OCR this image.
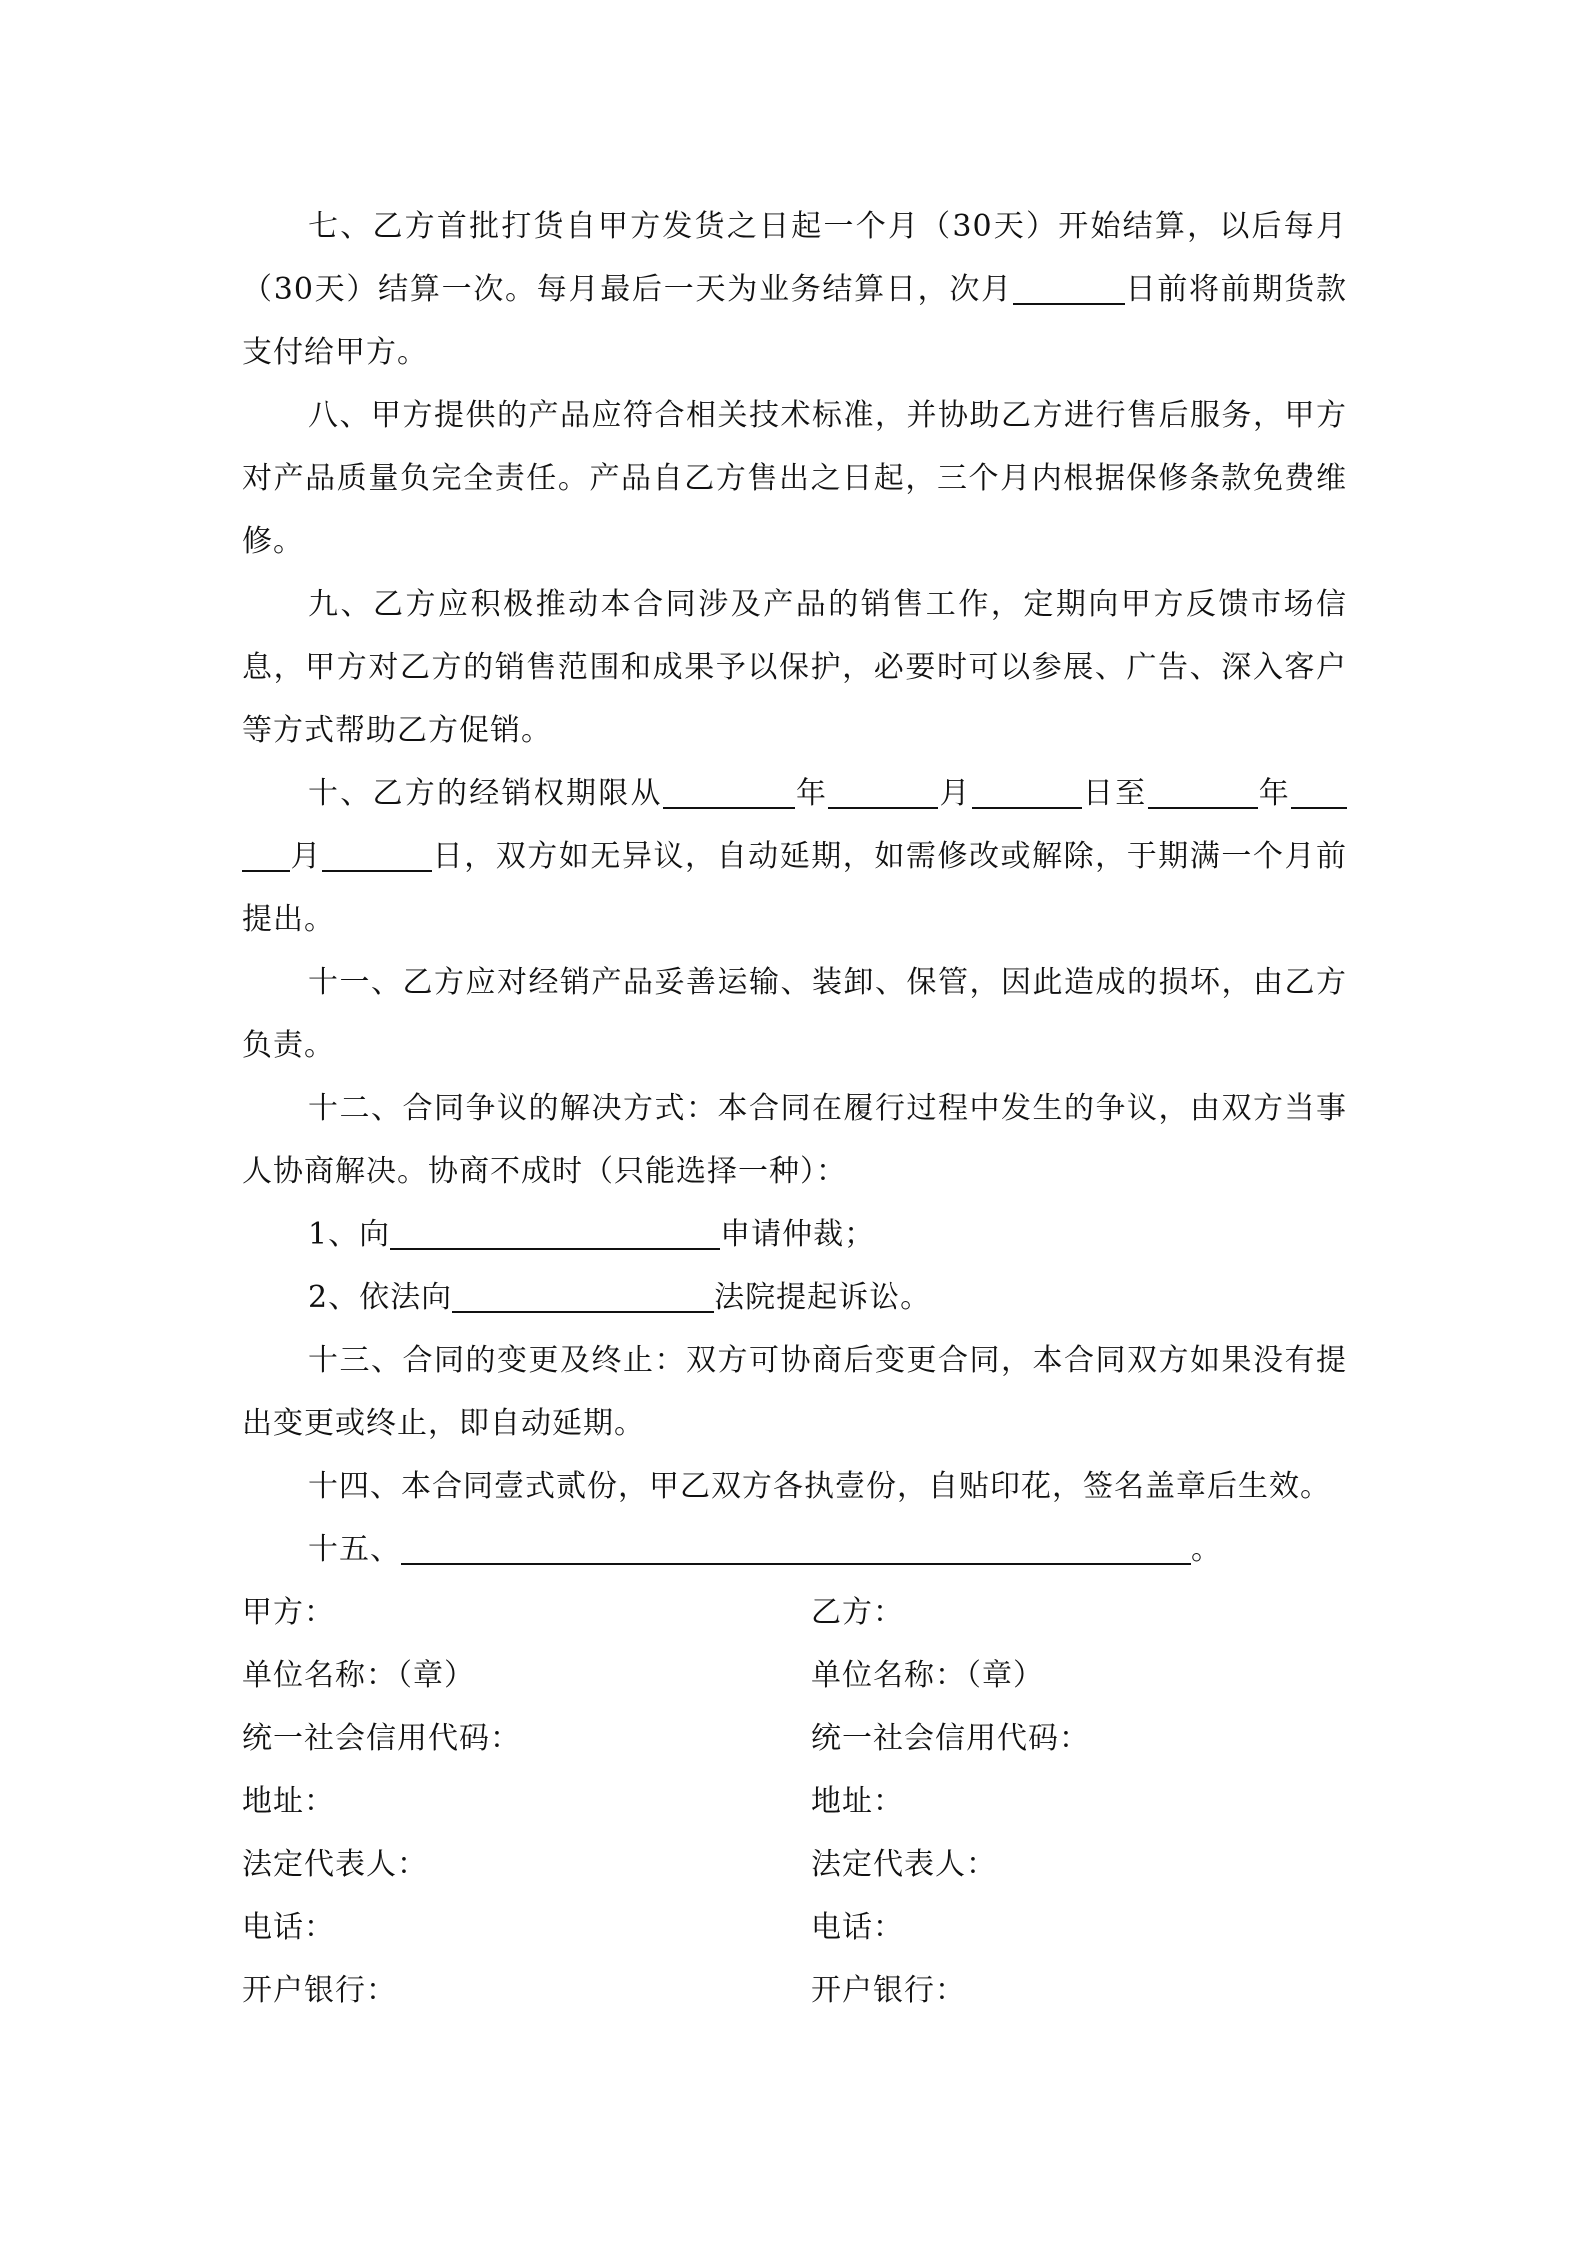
七、乙方首批打货自甲方发货之日起一个月（30天）开始结算，以后每月（30天）结算一次。每月最后一天为业务结算日，次月	日前将前期货款支付给甲方。

八、甲方提供的产品应符合相关技术标准，并协助乙方进行售后服务，甲方对产品质量负完全责任。产品自乙方售出之日起，三个月内根据保修条款免费维修。

九、乙方应积极推动本合同涉及产品的销售工作，定期向甲方反馈市场信息，甲方对乙方的销售范围和成果予以保护，必要时可以参展、广告、深入客户等方式帮助乙方促销。

十、乙方的经销权期限从	年	月	日至	年月	日，双方如无异议，自动延期，如需修改或解除，于期满一个月前提出。

十一、乙方应对经销产品妥善运输、装卸、保管，因此造成的损坏，由乙方负责。

十二、合同争议的解决方式：本合同在履行过程中发生的争议，由双方当事人协商解决。协商不成时（只能选择一种）：

1、向	申请仲裁；

2、依法向	法院提起诉讼。

十三、合同的变更及终止：双方可协商后变更合同，本合同双方如果没有提出变更或终止，即自动延期。

十四、本合同壹式贰份，甲乙双方各执壹份，自贴印花，签名盖章后生效。

十五、	。

甲方：	乙方：
单位名称：（章）	单位名称：（章）
统一社会信用代码：	统一社会信用代码：
地址：	地址：
法定代表人：	法定代表人：
电话：	电话：
开户银行：	开户银行：
